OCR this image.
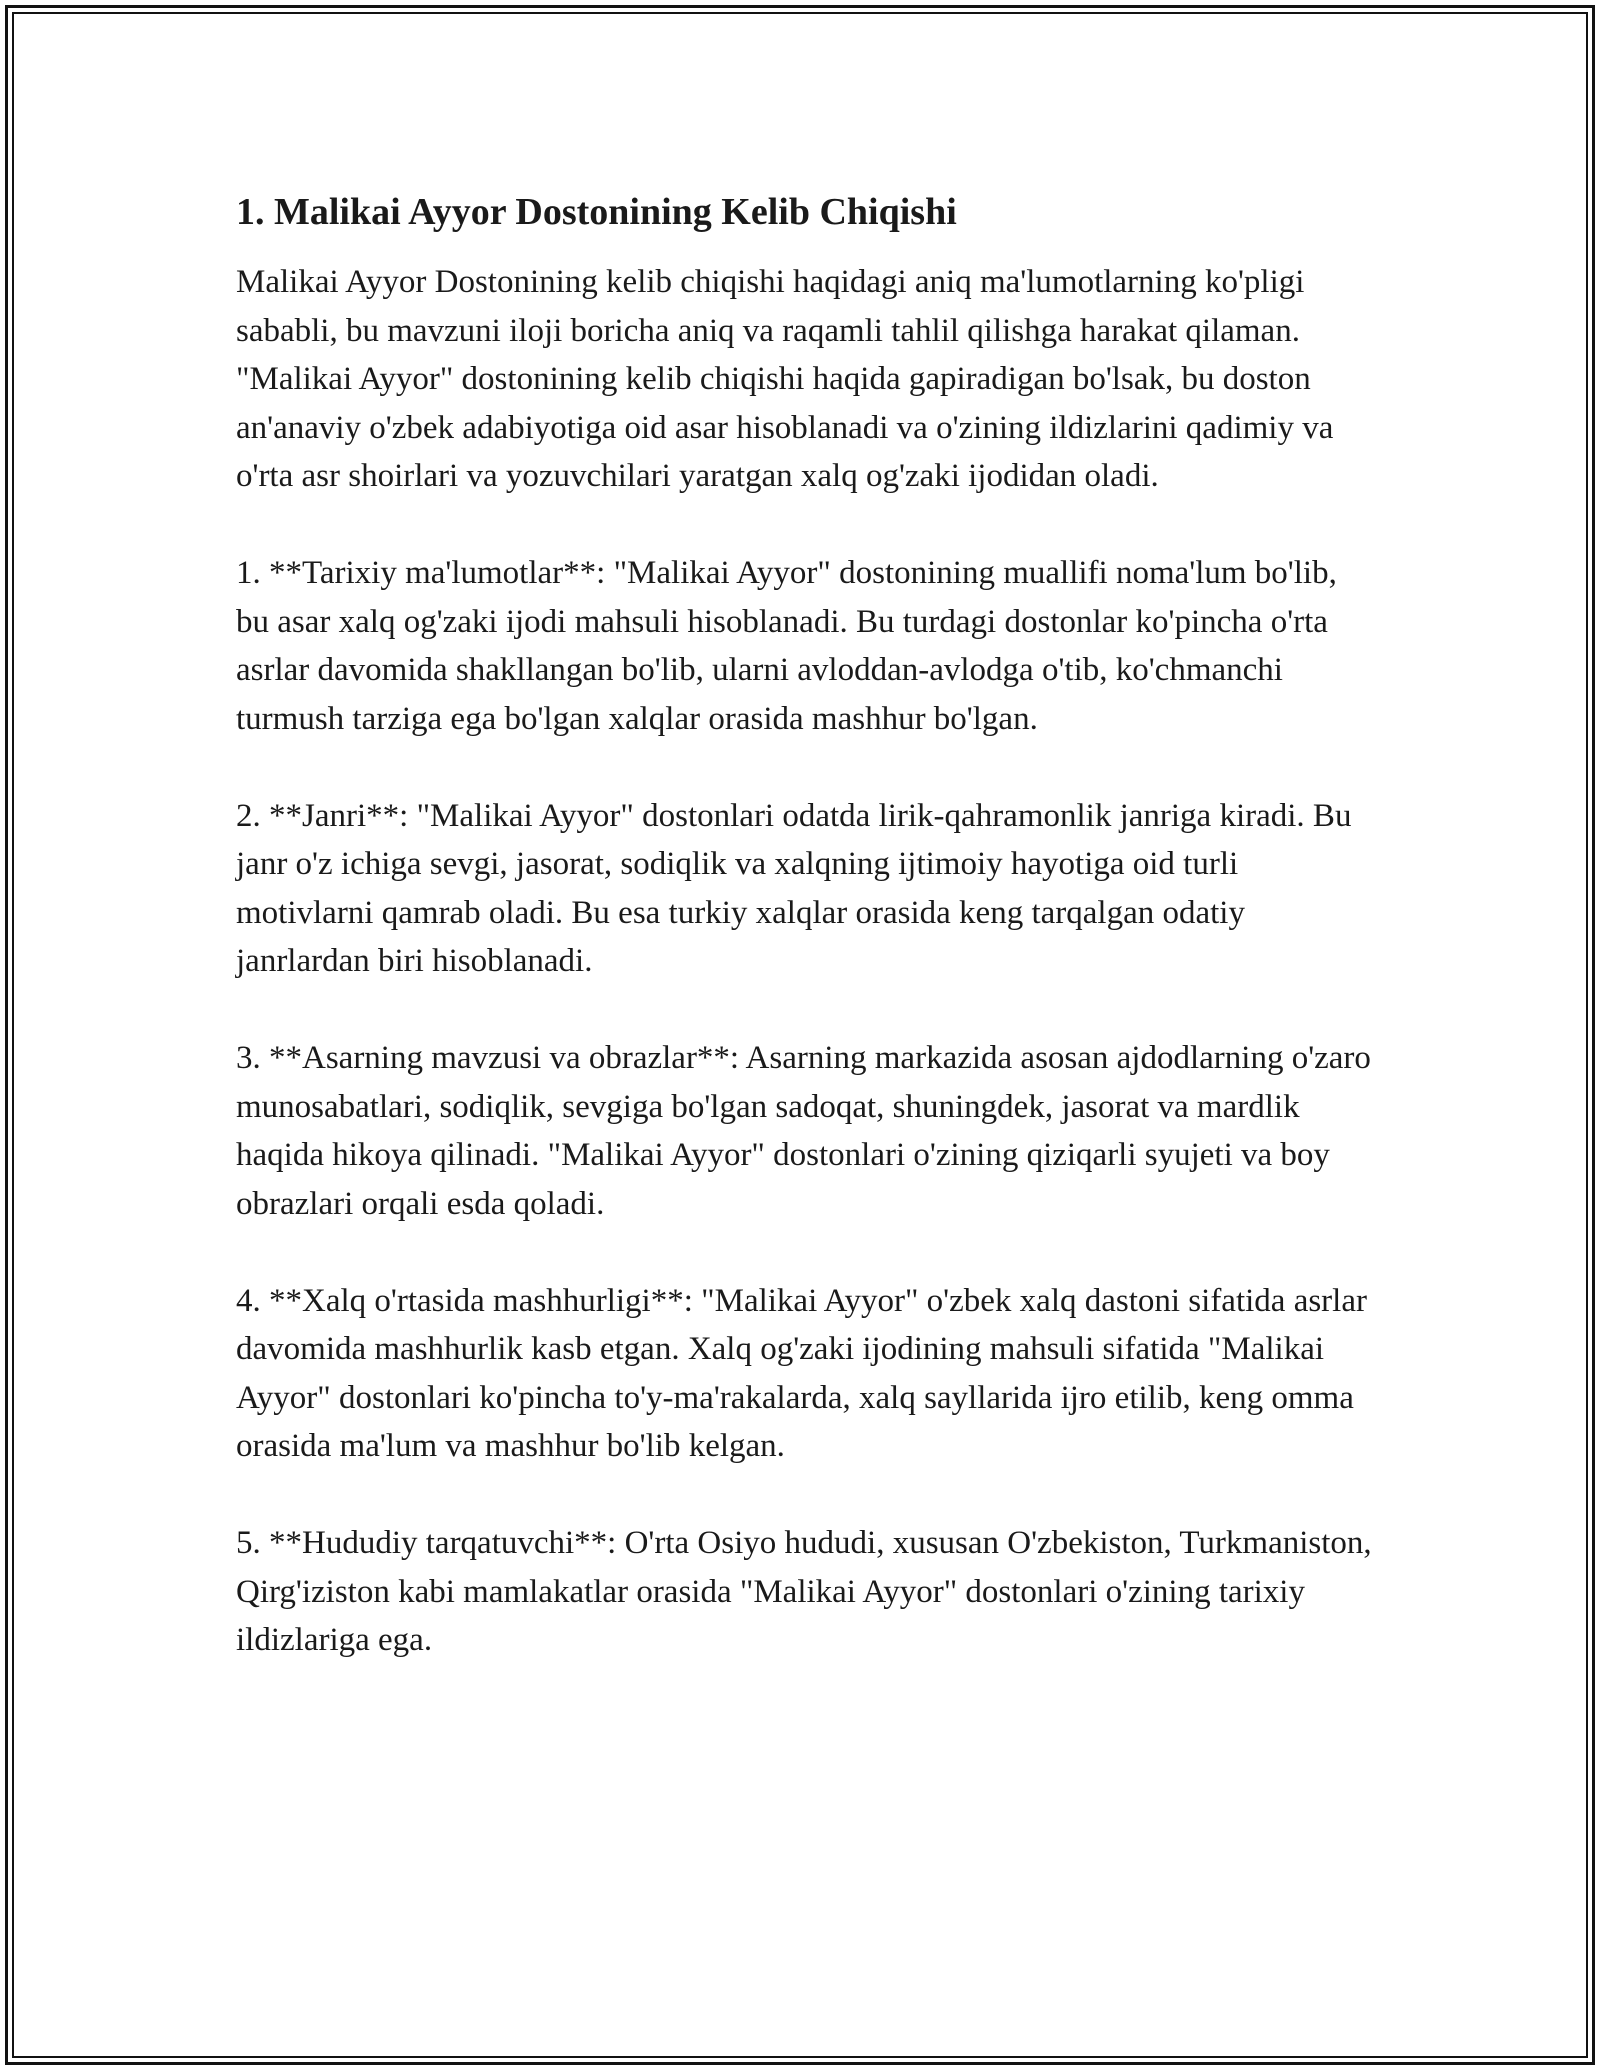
1. Malikai Ayyor Dostonining Kelib Chiqishi

Malikai Ayyor Dostonining kelib chiqishi haqidagi aniq ma'lumotlarning ko'pligi sababli, bu mavzuni iloji boricha aniq va raqamli tahlil qilishga harakat qilaman. "Malikai Ayyor" dostonining kelib chiqishi haqida gapiradigan bo'lsak, bu doston an'anaviy o'zbek adabiyotiga oid asar hisoblanadi va o'zining ildizlarini qadimiy va o'rta asr shoirlari va yozuvchilari yaratgan xalq og'zaki ijodidan oladi.

1. **Tarixiy ma'lumotlar**: "Malikai Ayyor" dostonining muallifi noma'lum bo'lib, bu asar xalq og'zaki ijodi mahsuli hisoblanadi. Bu turdagi dostonlar ko'pincha o'rta asrlar davomida shakllangan bo'lib, ularni avloddan-avlodga o'tib, ko'chmanchi turmush tarziga ega bo'lgan xalqlar orasida mashhur bo'lgan.

2. **Janri**: "Malikai Ayyor" dostonlari odatda lirik-qahramonlik janriga kiradi. Bu janr o'z ichiga sevgi, jasorat, sodiqlik va xalqning ijtimoiy hayotiga oid turli motivlarni qamrab oladi. Bu esa turkiy xalqlar orasida keng tarqalgan odatiy janrlardan biri hisoblanadi.

3. **Asarning mavzusi va obrazlar**: Asarning markazida asosan ajdodlarning o'zaro munosabatlari, sodiqlik, sevgiga bo'lgan sadoqat, shuningdek, jasorat va mardlik haqida hikoya qilinadi. "Malikai Ayyor" dostonlari o'zining qiziqarli syujeti va boy obrazlari orqali esda qoladi.

4. **Xalq o'rtasida mashhurligi**: "Malikai Ayyor" o'zbek xalq dastoni sifatida asrlar davomida mashhurlik kasb etgan. Xalq og'zaki ijodining mahsuli sifatida "Malikai Ayyor" dostonlari ko'pincha to'y-ma'rakalarda, xalq sayllarida ijro etilib, keng omma orasida ma'lum va mashhur bo'lib kelgan.

5. **Hududiy tarqatuvchi**: O'rta Osiyo hududi, xususan O'zbekiston, Turkmaniston, Qirg'iziston kabi mamlakatlar orasida "Malikai Ayyor" dostonlari o'zining tarixiy ildizlariga ega.
